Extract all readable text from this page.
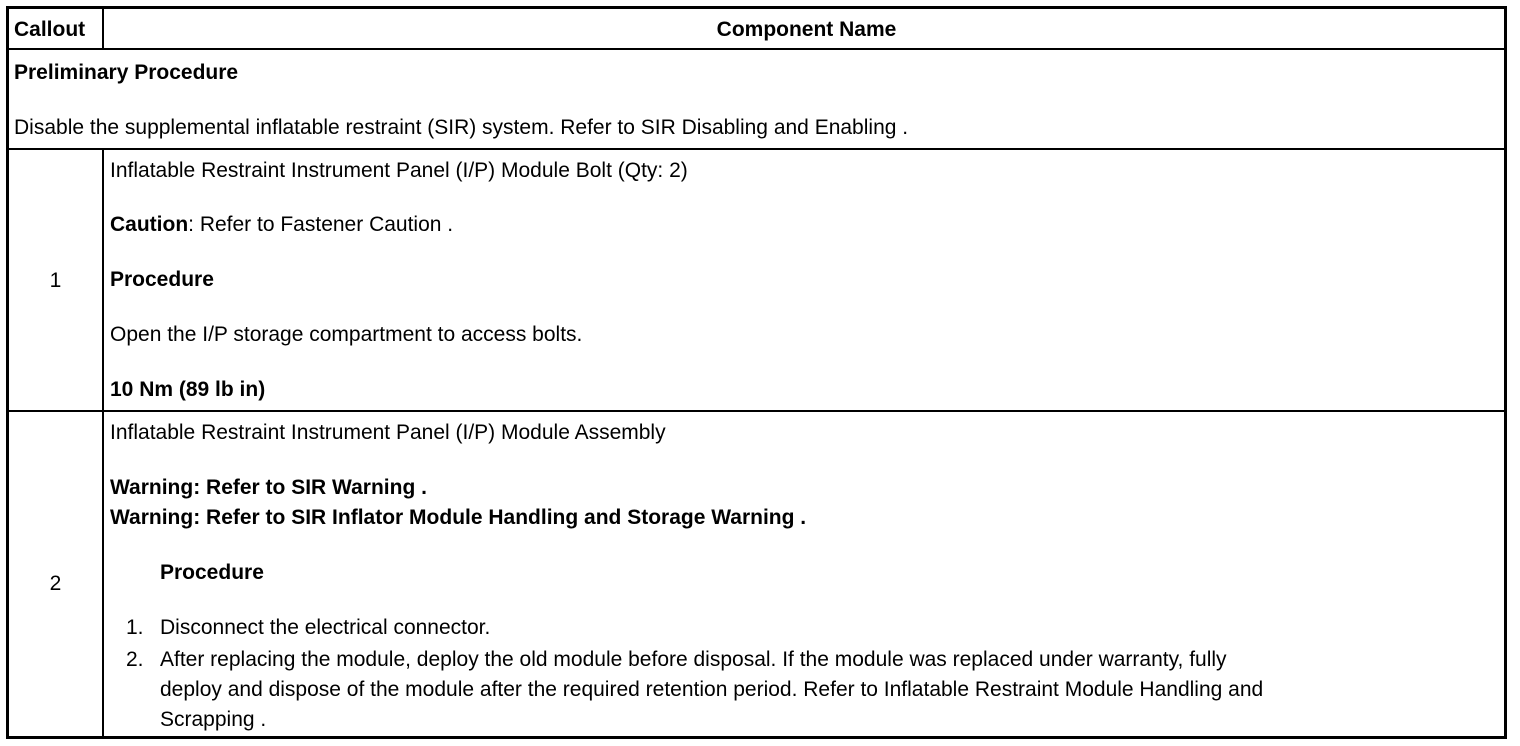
Callout	Component Name
Preliminary Procedure
Disable the supplemental inflatable restraint (SIR) system. Refer to SIR Disabling and Enabling .
1
Inflatable Restraint Instrument Panel (I/P) Module Bolt (Qty: 2)
Caution: Refer to Fastener Caution .
Procedure
Open the I/P storage compartment to access bolts.
10 Nm (89 lb in)
2
Inflatable Restraint Instrument Panel (I/P) Module Assembly
Warning: Refer to SIR Warning .
Warning: Refer to SIR Inflator Module Handling and Storage Warning .
Procedure
1. Disconnect the electrical connector.
2. After replacing the module, deploy the old module before disposal. If the module was replaced under warranty, fully
deploy and dispose of the module after the required retention period. Refer to Inflatable Restraint Module Handling and
Scrapping .
